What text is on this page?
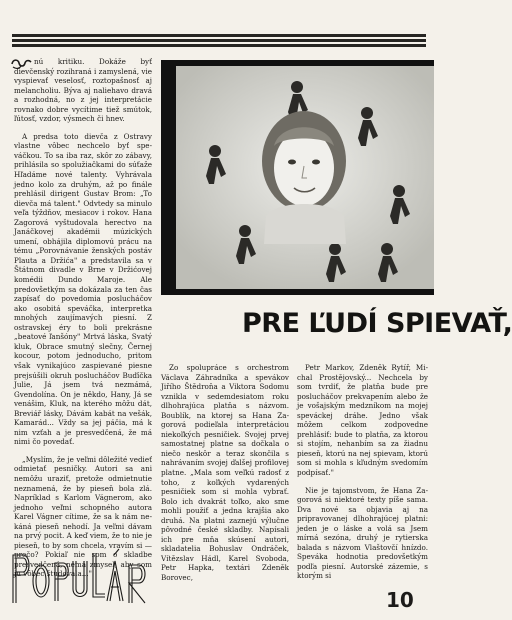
nú kritiku. Dokáže byť dievčenský rozihraná i zamyslená, vie vyspievať veselosť, roztopašnosť aj melancholiu. Býva aj naliehavo dravá a rozhodná, no z jej interpretácie rovnako dobre vycítime tiež smútok, ľútosť, vzdor, výsmech či hnev.

A predsa toto dievča z Ostravy vlastne vôbec nechcelo byť speváčkou. To sa iba raz, skôr zo zábavy, prihlásila so spolužiačkami do súťaže Hľadáme nové talenty. Vyhrávala jedno kolo za druhým, až po finále prehlásil dirigent Gustav Brom: „To dievča má talent." Odvtedy sa minulo veľa týždňov, mesiacov i rokov. Hana Zagorová vyštudovala herectvo na Janáčkovej akadémii múzických umení, obhájila diplomovú prácu na tému „Porovnávanie ženských postáv Plauta a Držića" a predstavila sa v Štátnom divadle v Brne v Držićovej komédii Dundo Maroje. Ale predovšetkým sa dokázala za ten čas zapísať do povedomia poslucháčov ako osobitá speváčka, interpretka mnohých zaujímavých piesní. Z ostravskej éry to boli prekrásne „beatové ľanšóny" Mrtvá láska, Svatý kluk, Obrace smutný slečny, Černej kocour, potom jednoducho, pritom však vynikajúco zaspievané piesne prejsúšili okruh poslucháčov Buďíčka Julie, Já jsem tvá nezmámá, Gvendolína. On je někdo, Hany, Já se venášim, Kluk, na kterého môžu dát, Breviář lásky, Dávám kabát na vešák, Kamarád... Vždy sa jej páčia, má k nim vzťah a je presvedčená, že má nimi čo povedať.

„Myslím, že je veľmi dôležité vedieť odmietať pesničky. Autori sa ani nemôžu uraziť, pretože odmietnutie neznamená, že by pieseň bola zlá. Napríklad s Karlom Vágnerom, ako jednoho veľmi schopného autora Karel Vágner cítime, že sa k nám nekáná pieseň nehodí. Ja veľmi dávam na prvý pocit. A keď viem, že to nie je pieseň, to by som chcela, vravím si — prečo? Pokiaľ nie som o skladbe presvedčená, nemá zmysel, aby som ju vôbec študovala..."

PRE ĽUDÍ SPIEVAŤ,

Zo spolupráce s orchestrom Václava Záhradníka a spevákov Jiřího Štědroňa a Viktora Sodomu vznikla v sedemdesiatom roku dlhohrajúca platňa s názvom. Boublík, na ktorej sa Hana Zagorová podieľala interpretáciou niekoľkých pesničiek. Svojej prvej samostatnej platne sa dočkala o niečo neskôr a teraz skončila s nahrávaním svojej ďalšej profilovej platne. „Mala som veľkú radosť z toho, z koľkých vydarených pesničiek som si mohla vybrať. Bolo ich dvakrát toľko, ako sme mohli použiť a jedna krajšia ako druhá. Na platni zaznejú výlučne pôvodné české skladby. Napísali ich pre mňa skúsení autori, skladatelia Bohuslav Ondráček, Vítězslav Hádl, Karel Svoboda, Petr Hapka, textári Zdeněk Borovec,

Petr Markov, Zdeněk Rytíř, Michal Prostějovský... Nechcela by som tvrdiť, že platňa bude pre poslucháčov prekvapením alebo že je vošajským medzníkom na mojej speváckej dráhe. Jedno však môžem celkom zodpovedne prehlásiť: bude to platňa, za ktorou si stojím, nehanbím sa za žiadnu pieseň, ktorú na nej spievam, ktorú som si mohla s kľudným svedomím podpísať."

Nie je tajomstvom, že Hana Zagorová si niektoré texty píše sama. Dva nové sa objavia aj na pripravovanej dlhohrajúcej platni: jeden je o láske a volá sa Jsem mírná sezóna, druhý je rytierska balada s názvom Vlaštovčí hnízdo. Speváka hodnotia predovšetkým podľa piesní. Autorské zázemie, s ktorým si

10
